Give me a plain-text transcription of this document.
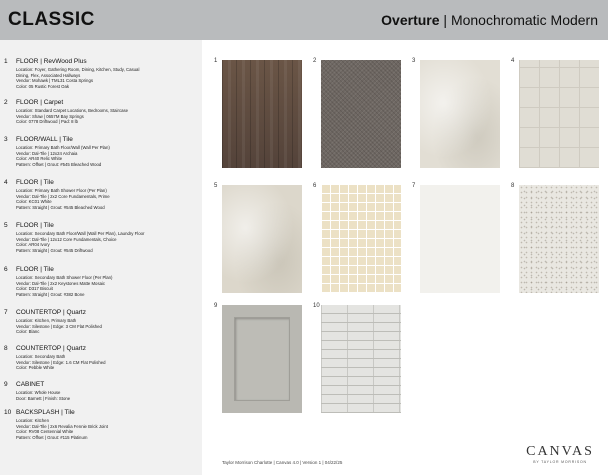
CLASSIC	Overture | Monochromatic Modern
1 FLOOR | RevWood Plus
Location: Foyer, Gathering Room, Dining, Kitchen, Study, Casual
Dining, Flex, Associated Hallways
Vendor: Mohawk | TML31 Costa Springs
Color: 05 Rustic Forest Oak
2 FLOOR | Carpet
Location: Standard Carpet Locations, Bedrooms, Staircase
Vendor: Shaw | 0657M Bay Springs
Color: 0778 Driftwood | Pad: 8 lb
3 FLOOR/WALL | Tile
Location: Primary Bath Floor/Wall (Wall Per Plan)
Vendor: Dal-Tile | 12x24 Archaia
Color: AR40 Relic White
Pattern: Offset | Grout: #545 Bleached Wood
4 FLOOR | Tile
Location: Primary Bath Shower Floor (Per Plan)
Vendor: Dal-Tile | 2x2 Core Fundamentals, Prime
Color: KC01 White
Pattern: Straight | Grout: #545 Bleached Wood
5 FLOOR | Tile
Location: Secondary Bath Floor/Wall (Wall Per Plan), Laundry Floor
Vendor: Dal-Tile | 12x12 Core Fundamentals, Choice
Color: AR04 Ivory
Pattern: Straight | Grout: #545 Driftwood
6 FLOOR | Tile
Location: Secondary Bath Shower Floor (Per Plan)
Vendor: Dal-Tile | 2x2 Keystones Matte Mosaic
Color: D317 Biscuit
Pattern: Straight | Grout: #382 Bone
7 COUNTERTOP | Quartz
Location: Kitchen, Primary Bath
Vendor: Silestone | Edge: 3 CM Flat Polished
Color: Blanc
8 COUNTERTOP | Quartz
Location: Secondary Bath
Vendor: Silestone | Edge: 1.6 CM Flat Polished
Color: Pebble White
9 CABINET
Location: Whole House
Door: Barnett | Finish: Stone
10 BACKSPLASH | Tile
Location: Kitchen
Vendor: Dal-Tile | 2x6 Revalia Fennie Brick Joint
Color: RV08 Centennial White
Pattern: Offset | Grout: #115 Platinum
1	2	3	4
5	6	7	8
9	10
Taylor Morrison Charlotte | Canvas 4.0 | Version 1 | 04/22/25
CANVAS
BY TAYLOR MORRISON
